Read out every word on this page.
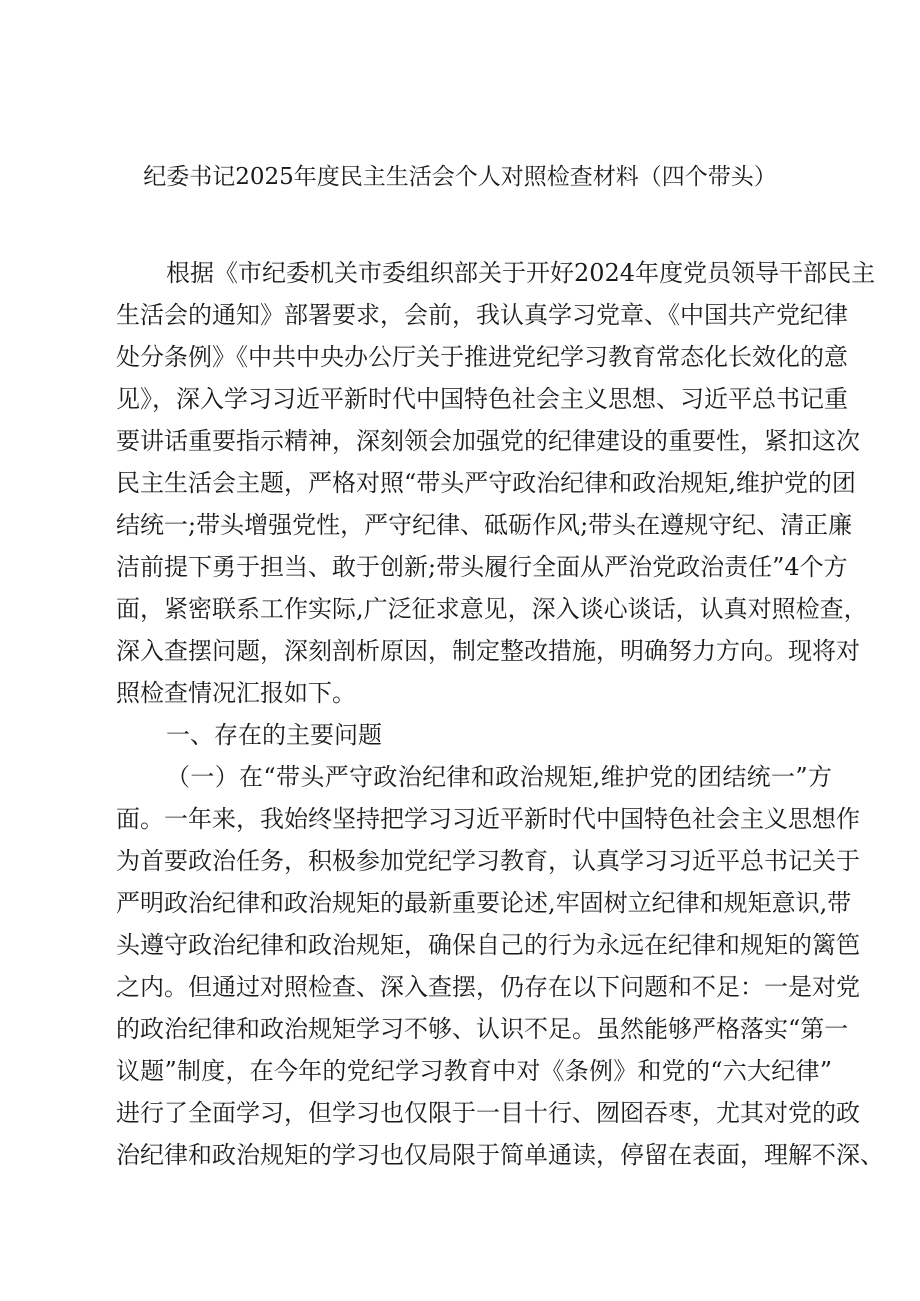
纪委书记2025年度民主生活会个人对照检查材料（四个带头）
根据《市纪委机关市委组织部关于开好2024年度党员领导干部民主
生活会的通知》部署要求，会前，我认真学习党章、《中国共产党纪律
处分条例》《中共中央办公厅关于推进党纪学习教育常态化长效化的意
见》，深入学习习近平新时代中国特色社会主义思想、习近平总书记重
要讲话重要指示精神，深刻领会加强党的纪律建设的重要性，紧扣这次
民主生活会主题，严格对照“带头严守政治纪律和政治规矩,维护党的团
结统一;带头增强党性，严守纪律、砥砺作风;带头在遵规守纪、清正廉
洁前提下勇于担当、敢于创新;带头履行全面从严治党政治责任”4个方
面，紧密联系工作实际,广泛征求意见，深入谈心谈话，认真对照检查，
深入查摆问题，深刻剖析原因，制定整改措施，明确努力方向。现将对
照检查情况汇报如下。
一、存在的主要问题
（一）在“带头严守政治纪律和政治规矩,维护党的团结统一”方
面。一年来，我始终坚持把学习习近平新时代中国特色社会主义思想作
为首要政治任务，积极参加党纪学习教育，认真学习习近平总书记关于
严明政治纪律和政治规矩的最新重要论述,牢固树立纪律和规矩意识,带
头遵守政治纪律和政治规矩，确保自己的行为永远在纪律和规矩的篱笆
之内。但通过对照检查、深入查摆，仍存在以下问题和不足：一是对党
的政治纪律和政治规矩学习不够、认识不足。虽然能够严格落实“第一
议题”制度，在今年的党纪学习教育中对《条例》和党的“六大纪律”
进行了全面学习，但学习也仅限于一目十行、囫囵吞枣，尤其对党的政
治纪律和政治规矩的学习也仅局限于简单通读，停留在表面，理解不深、
